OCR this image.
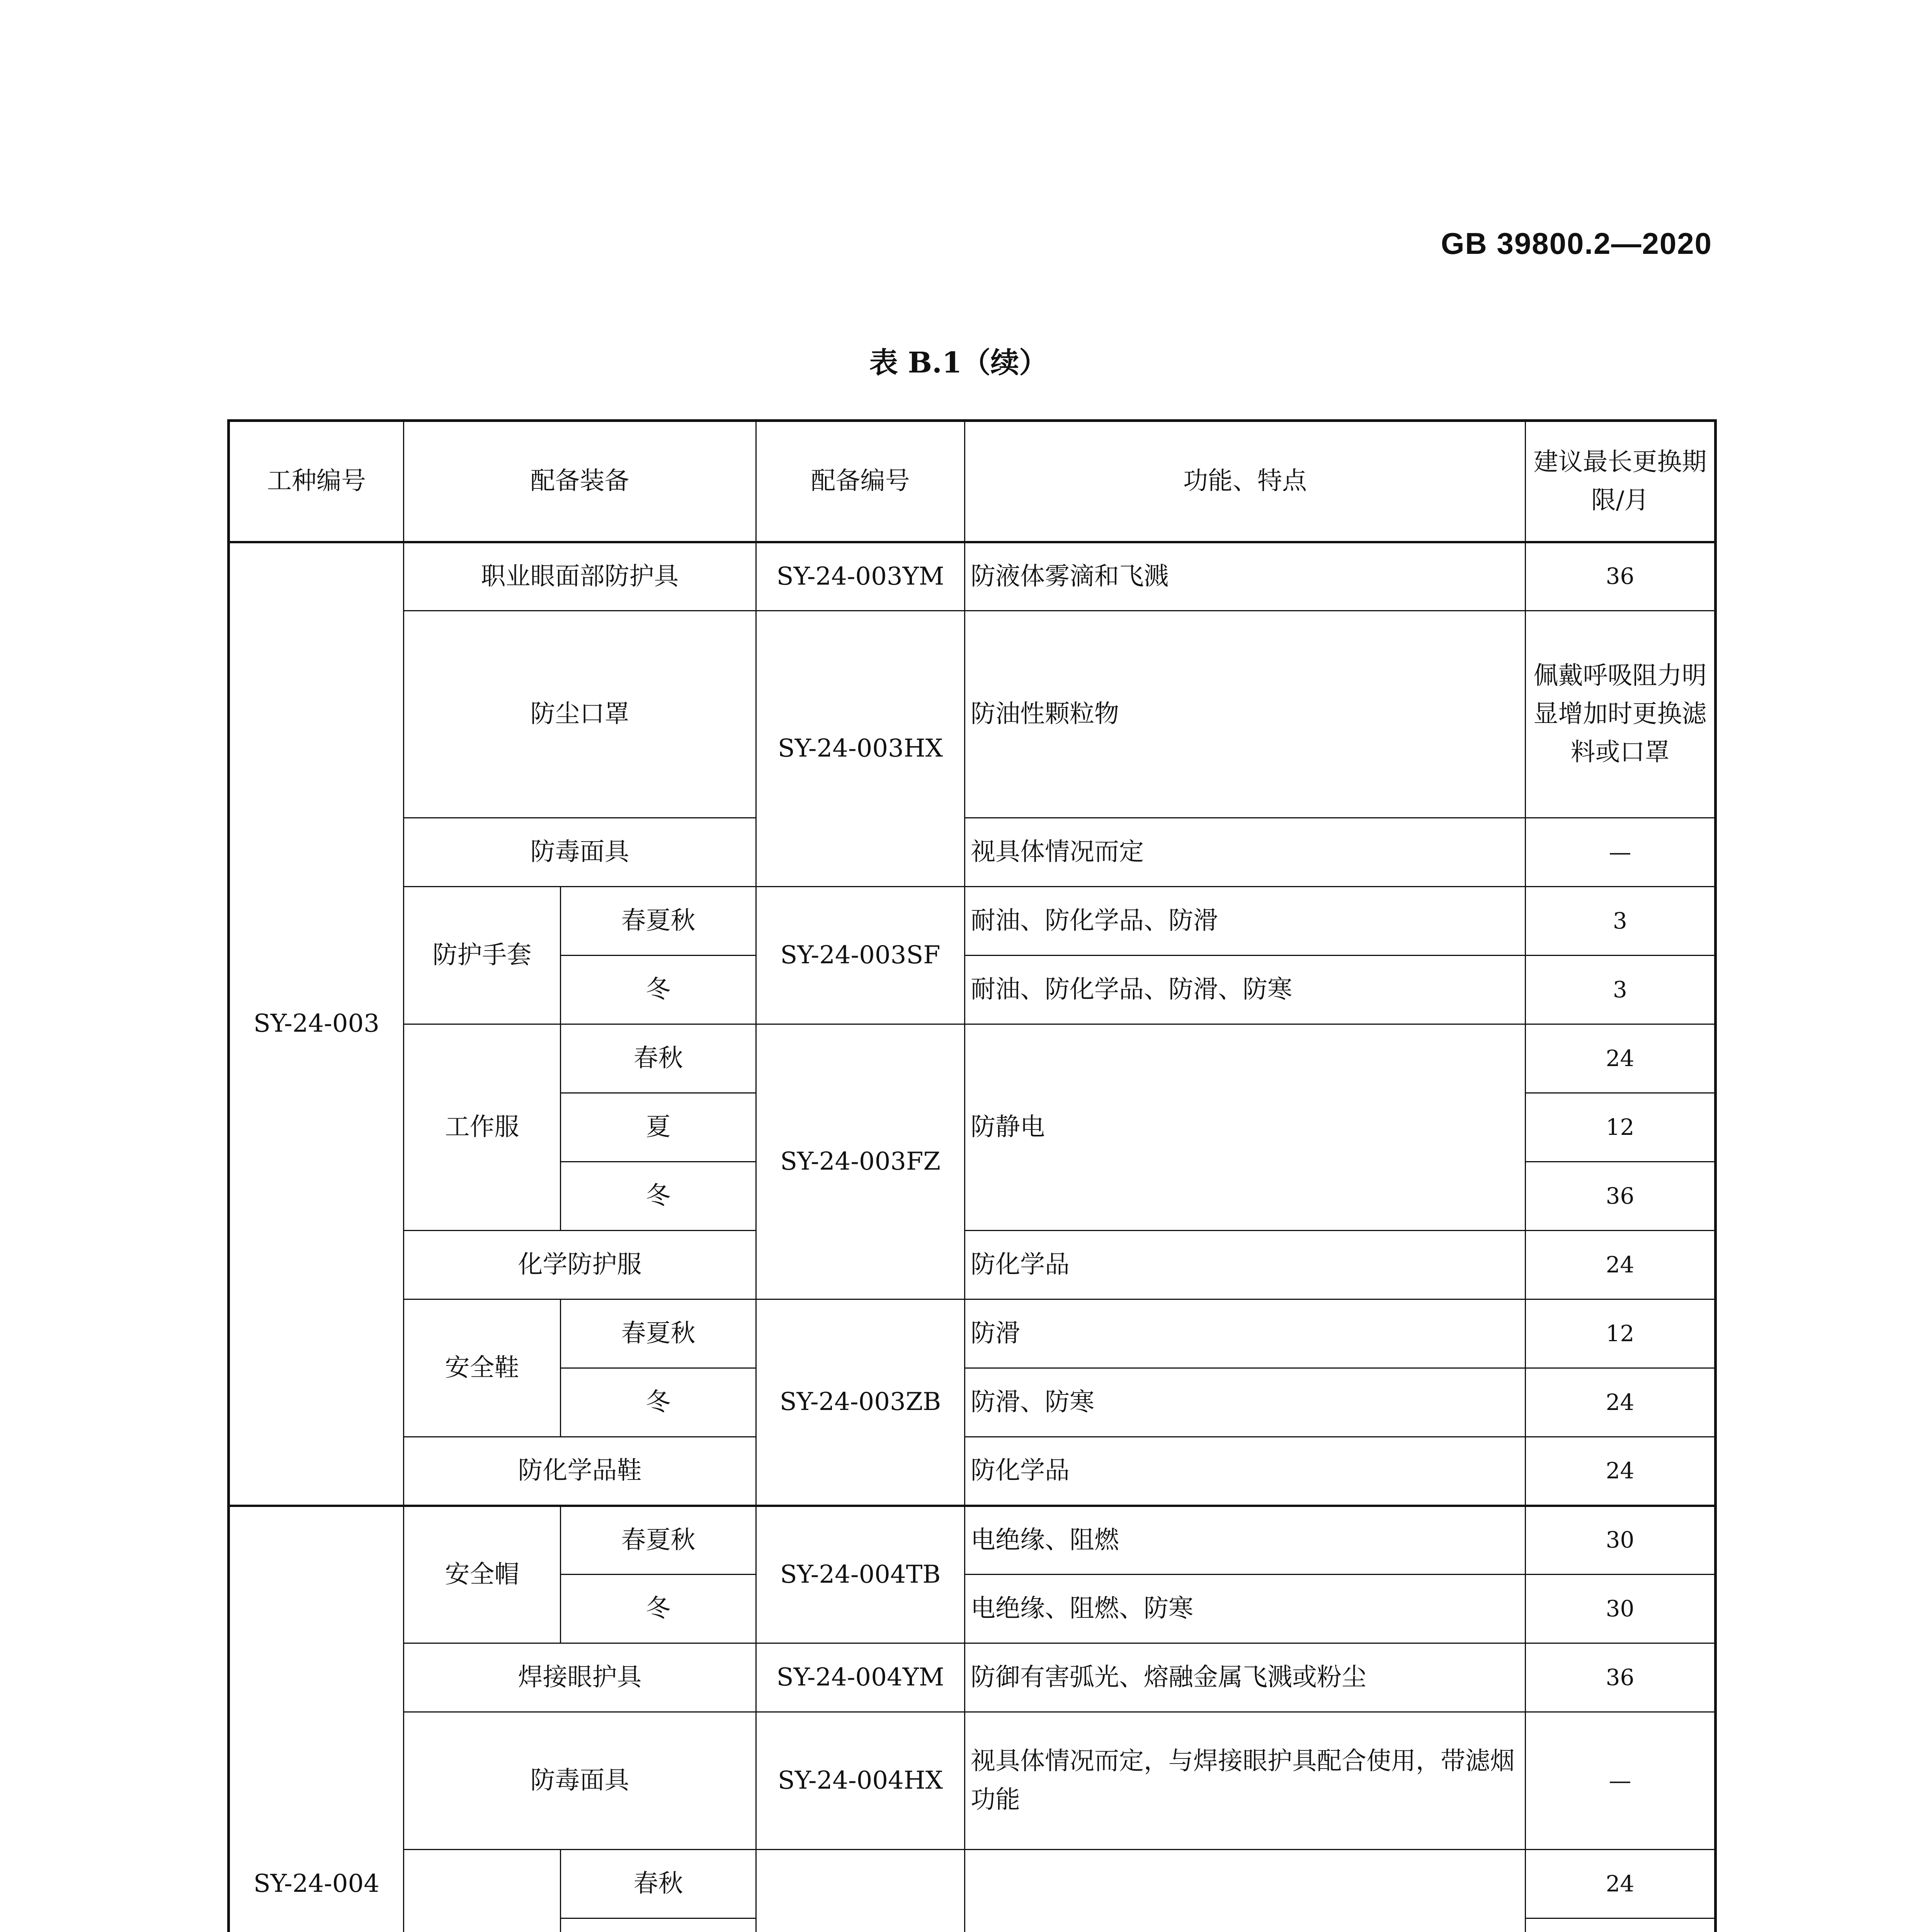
GB 39800.2—2020
表 B.1（续）
工种编号	配备装备		配备编号	功能、特点	建议最长更换期限/月
SY-24-003	职业眼面部防护具		SY-24-003YM	防液体雾滴和飞溅	36
	防尘口罩		SY-24-003HX	防油性颗粒物	佩戴呼吸阻力明显增加时更换滤料或口罩
	防毒面具			视具体情况而定	—
	防护手套	春夏秋	SY-24-003SF	耐油、防化学品、防滑	3
		冬		耐油、防化学品、防滑、防寒	3
	工作服	春秋	SY-24-003FZ	防静电	24
		夏			12
		冬			36
	化学防护服			防化学品	24
	安全鞋	春夏秋	SY-24-003ZB	防滑	12
		冬		防滑、防寒	24
	防化学品鞋			防化学品	24
SY-24-004	安全帽	春夏秋	SY-24-004TB	电绝缘、阻燃	30
		冬		电绝缘、阻燃、防寒	30
	焊接眼护具		SY-24-004YM	防御有害弧光、熔融金属飞溅或粉尘	36
	防毒面具		SY-24-004HX	视具体情况而定，与焊接眼护具配合使用，带滤烟功能	—
	春秋			24
